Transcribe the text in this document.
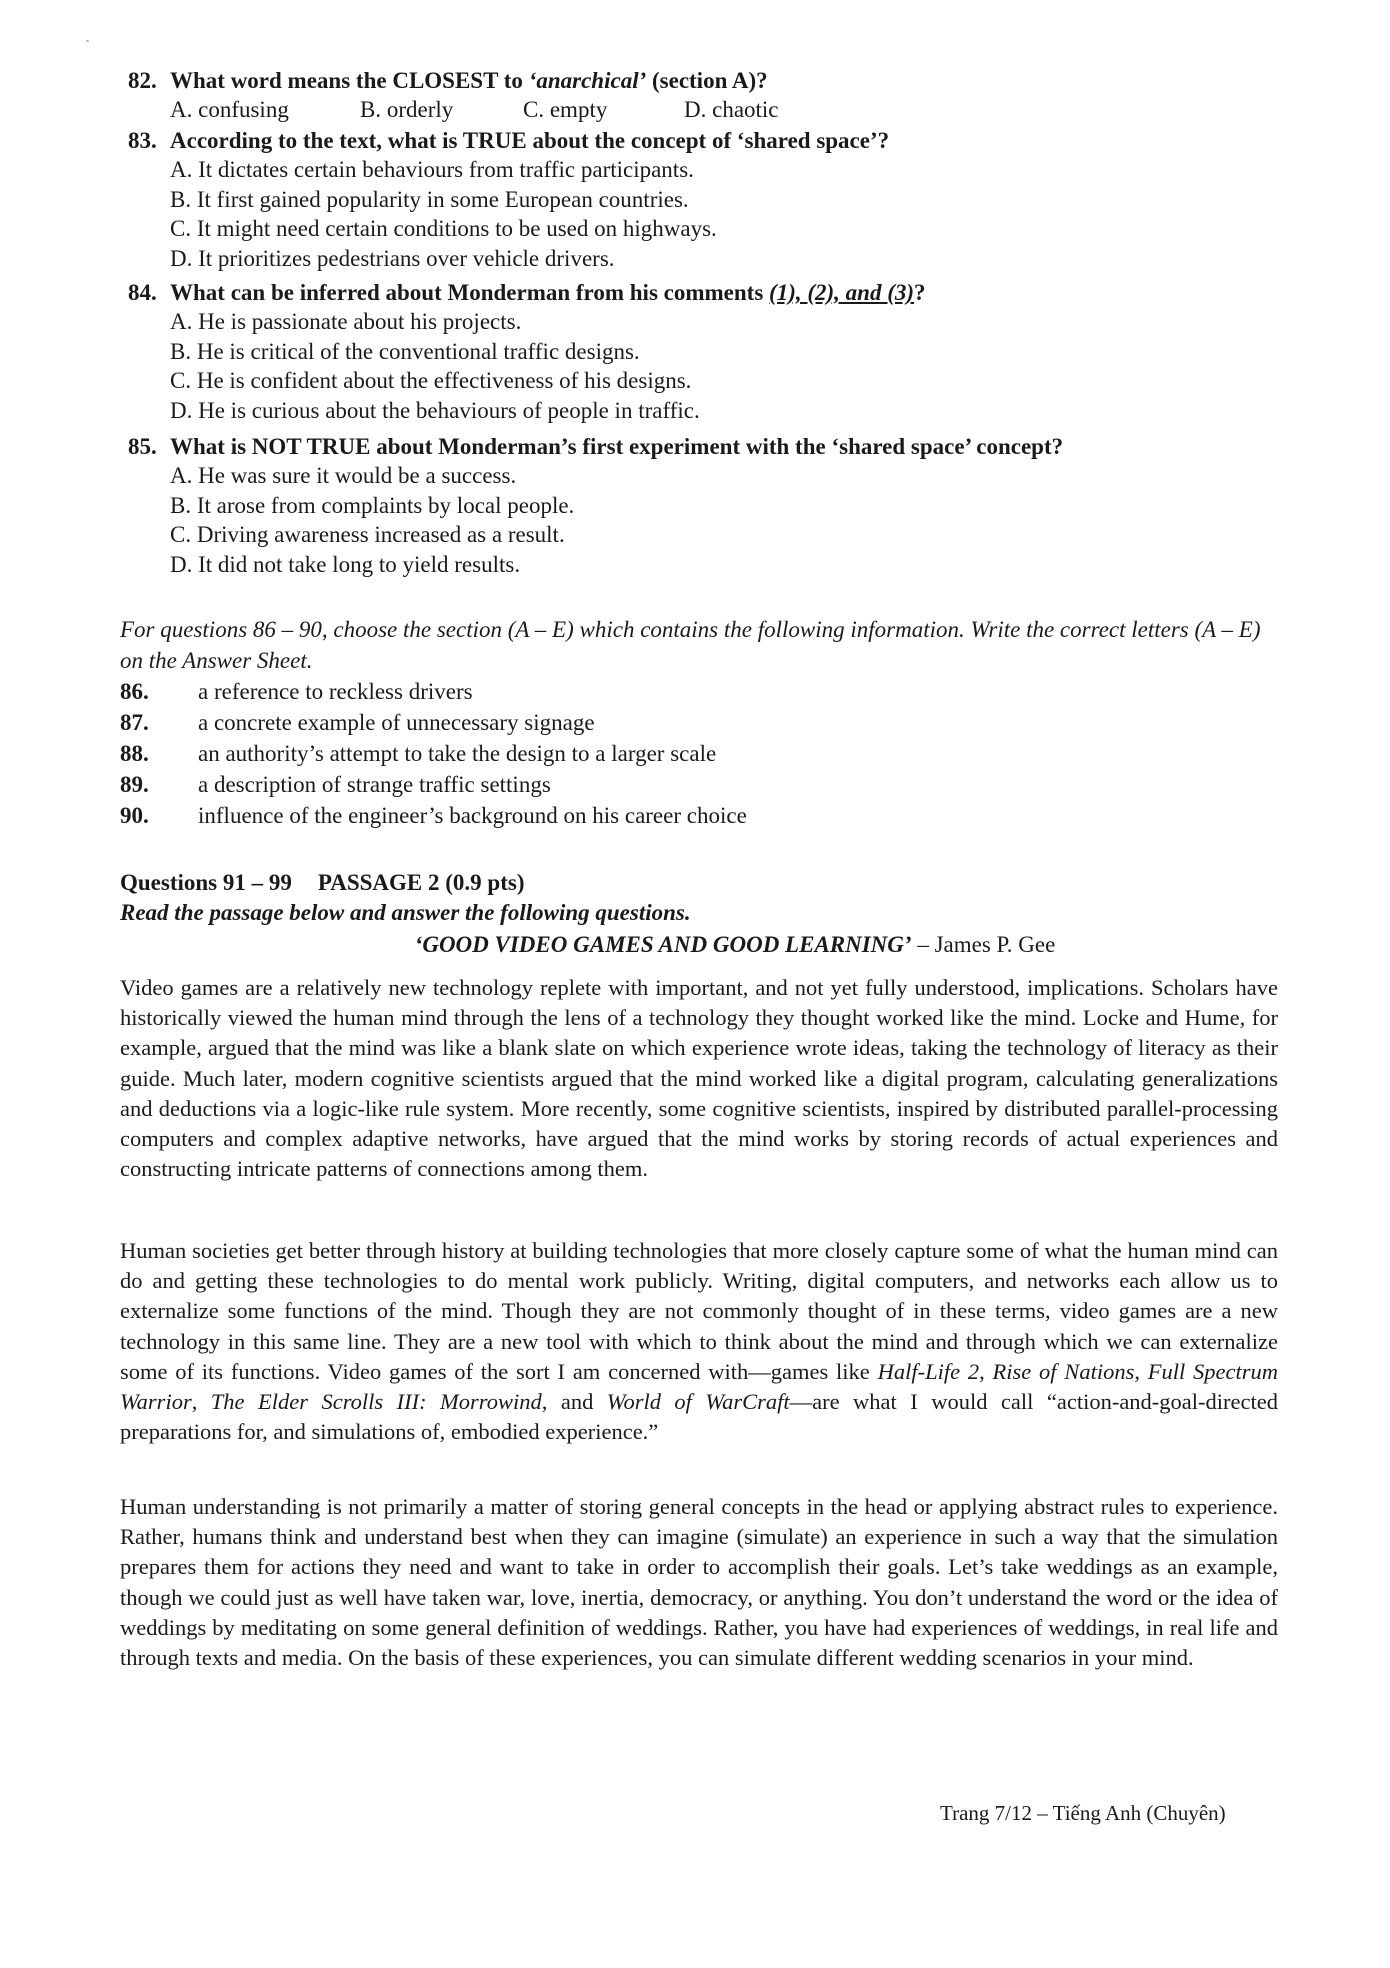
82. What word means the CLOSEST to ‘anarchical’ (section A)?
A. confusing	B. orderly	C. empty	D. chaotic
83. According to the text, what is TRUE about the concept of ‘shared space’?
A. It dictates certain behaviours from traffic participants.
B. It first gained popularity in some European countries.
C. It might need certain conditions to be used on highways.
D. It prioritizes pedestrians over vehicle drivers.
84. What can be inferred about Monderman from his comments (1), (2), and (3)?
A. He is passionate about his projects.
B. He is critical of the conventional traffic designs.
C. He is confident about the effectiveness of his designs.
D. He is curious about the behaviours of people in traffic.
85. What is NOT TRUE about Monderman’s first experiment with the ‘shared space’ concept?
A. He was sure it would be a success.
B. It arose from complaints by local people.
C. Driving awareness increased as a result.
D. It did not take long to yield results.
For questions 86 – 90, choose the section (A – E) which contains the following information. Write the correct letters (A – E) on the Answer Sheet.
86. a reference to reckless drivers
87. a concrete example of unnecessary signage
88. an authority’s attempt to take the design to a larger scale
89. a description of strange traffic settings
90. influence of the engineer’s background on his career choice
Questions 91 – 99 PASSAGE 2 (0.9 pts)
Read the passage below and answer the following questions.
‘GOOD VIDEO GAMES AND GOOD LEARNING’ – James P. Gee
Video games are a relatively new technology replete with important, and not yet fully understood, implications. Scholars have historically viewed the human mind through the lens of a technology they thought worked like the mind. Locke and Hume, for example, argued that the mind was like a blank slate on which experience wrote ideas, taking the technology of literacy as their guide. Much later, modern cognitive scientists argued that the mind worked like a digital program, calculating generalizations and deductions via a logic-like rule system. More recently, some cognitive scientists, inspired by distributed parallel-processing computers and complex adaptive networks, have argued that the mind works by storing records of actual experiences and constructing intricate patterns of connections among them.
Human societies get better through history at building technologies that more closely capture some of what the human mind can do and getting these technologies to do mental work publicly. Writing, digital computers, and networks each allow us to externalize some functions of the mind. Though they are not commonly thought of in these terms, video games are a new technology in this same line. They are a new tool with which to think about the mind and through which we can externalize some of its functions. Video games of the sort I am concerned with—games like Half-Life 2, Rise of Nations, Full Spectrum Warrior, The Elder Scrolls III: Morrowind, and World of WarCraft—are what I would call “action-and-goal-directed preparations for, and simulations of, embodied experience.”
Human understanding is not primarily a matter of storing general concepts in the head or applying abstract rules to experience. Rather, humans think and understand best when they can imagine (simulate) an experience in such a way that the simulation prepares them for actions they need and want to take in order to accomplish their goals. Let’s take weddings as an example, though we could just as well have taken war, love, inertia, democracy, or anything. You don’t understand the word or the idea of weddings by meditating on some general definition of weddings. Rather, you have had experiences of weddings, in real life and through texts and media. On the basis of these experiences, you can simulate different wedding scenarios in your mind.
Trang 7/12 – Tiếng Anh (Chuyên)
